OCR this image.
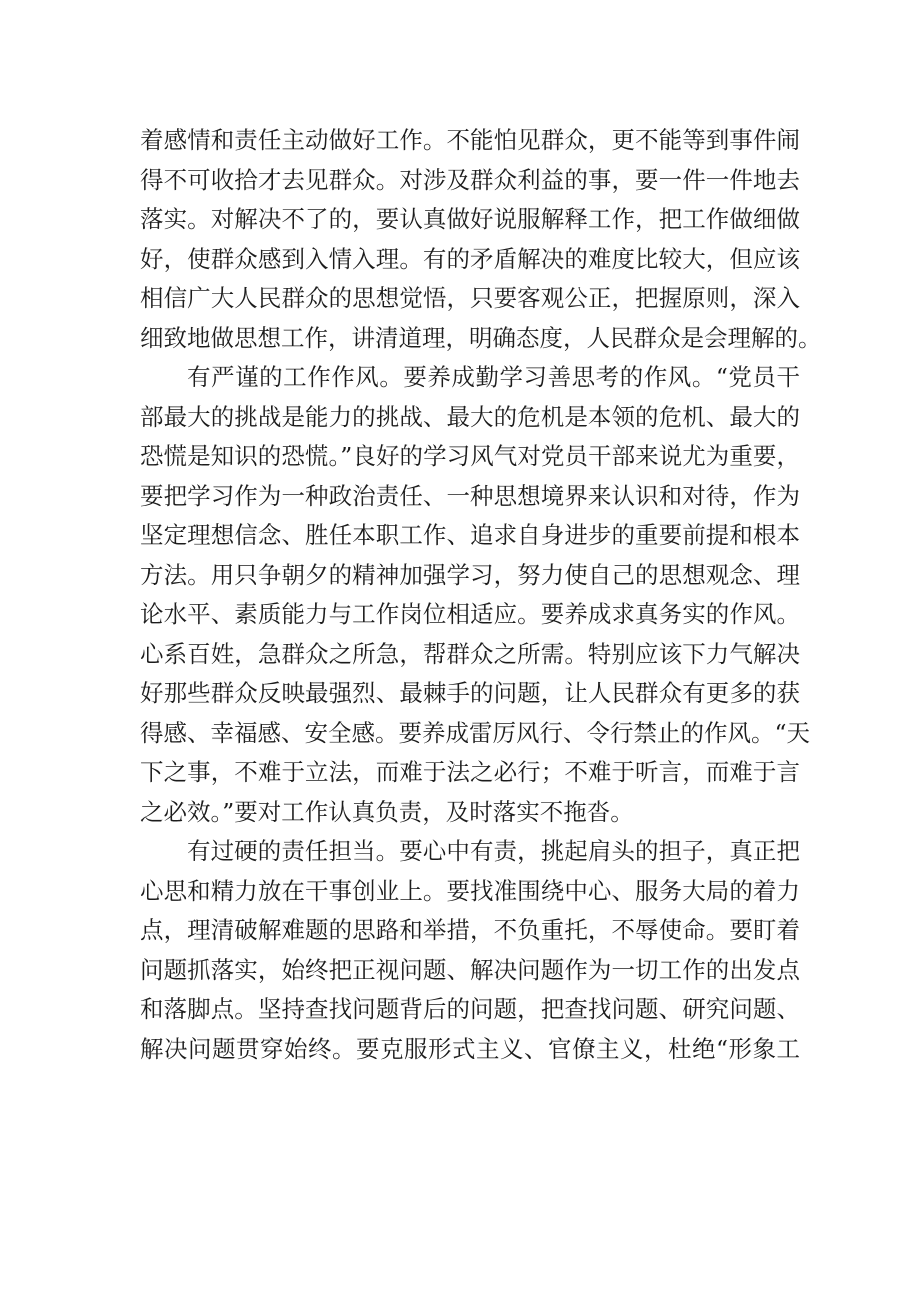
着感情和责任主动做好工作。不能怕见群众，更不能等到事件闹
得不可收拾才去见群众。对涉及群众利益的事，要一件一件地去
落实。对解决不了的，要认真做好说服解释工作，把工作做细做
好，使群众感到入情入理。有的矛盾解决的难度比较大，但应该
相信广大人民群众的思想觉悟，只要客观公正，把握原则，深入
细致地做思想工作，讲清道理，明确态度，人民群众是会理解的。
有严谨的工作作风。要养成勤学习善思考的作风。“党员干
部最大的挑战是能力的挑战、最大的危机是本领的危机、最大的
恐慌是知识的恐慌。”良好的学习风气对党员干部来说尤为重要，
要把学习作为一种政治责任、一种思想境界来认识和对待，作为
坚定理想信念、胜任本职工作、追求自身进步的重要前提和根本
方法。用只争朝夕的精神加强学习，努力使自己的思想观念、理
论水平、素质能力与工作岗位相适应。要养成求真务实的作风。
心系百姓，急群众之所急，帮群众之所需。特别应该下力气解决
好那些群众反映最强烈、最棘手的问题，让人民群众有更多的获
得感、幸福感、安全感。要养成雷厉风行、令行禁止的作风。“天
下之事，不难于立法，而难于法之必行；不难于听言，而难于言
之必效。”要对工作认真负责，及时落实不拖沓。
有过硬的责任担当。要心中有责，挑起肩头的担子，真正把
心思和精力放在干事创业上。要找准围绕中心、服务大局的着力
点，理清破解难题的思路和举措，不负重托，不辱使命。要盯着
问题抓落实，始终把正视问题、解决问题作为一切工作的出发点
和落脚点。坚持查找问题背后的问题，把查找问题、研究问题、
解决问题贯穿始终。要克服形式主义、官僚主义，杜绝“形象工
